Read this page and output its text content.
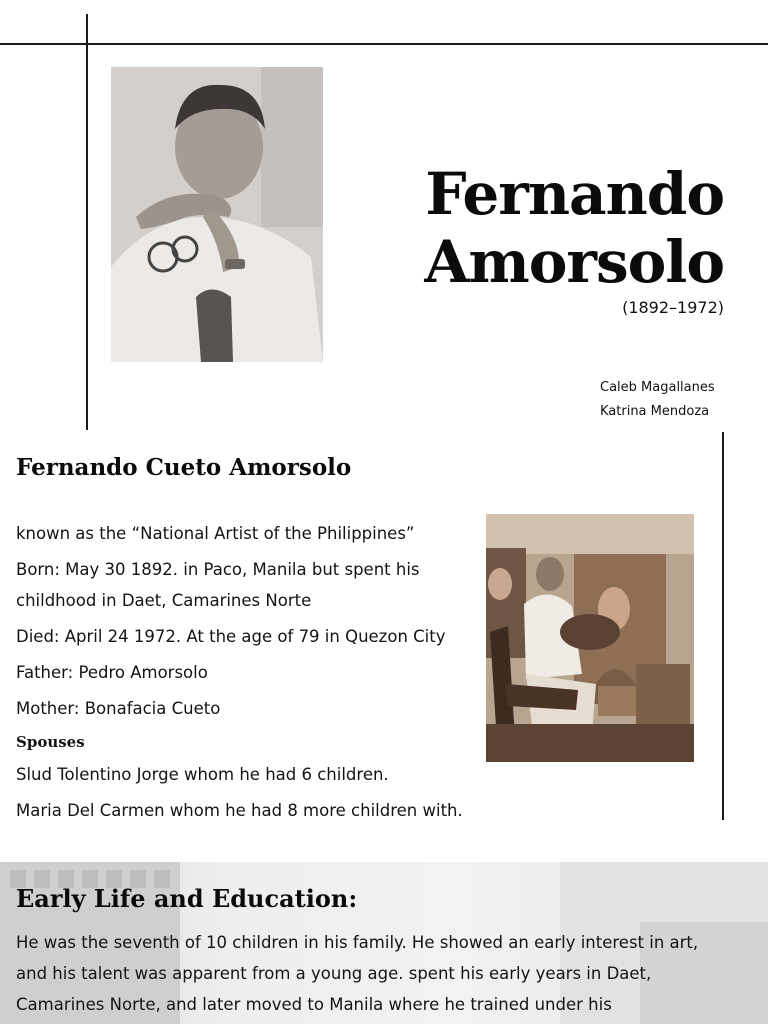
Fernando
Amorsolo
(1892–1972)
Caleb Magallanes
Katrina Mendoza
Fernando Cueto Amorsolo
known as the “National Artist of the Philippines”
Born: May 30 1892. in Paco, Manila but spent his childhood in Daet, Camarines Norte
Died: April 24 1972. At the age of 79 in Quezon City
Father: Pedro Amorsolo
Mother: Bonafacia Cueto
Spouses
Slud Tolentino Jorge whom he had 6 children.
Maria Del Carmen whom he had 8 more children with.
Early Life and Education:
He was the seventh of 10 children in his family. He showed an early interest in art, and his talent was apparent from a young age. spent his early years in Daet, Camarines Norte, and later moved to Manila where he trained under his
